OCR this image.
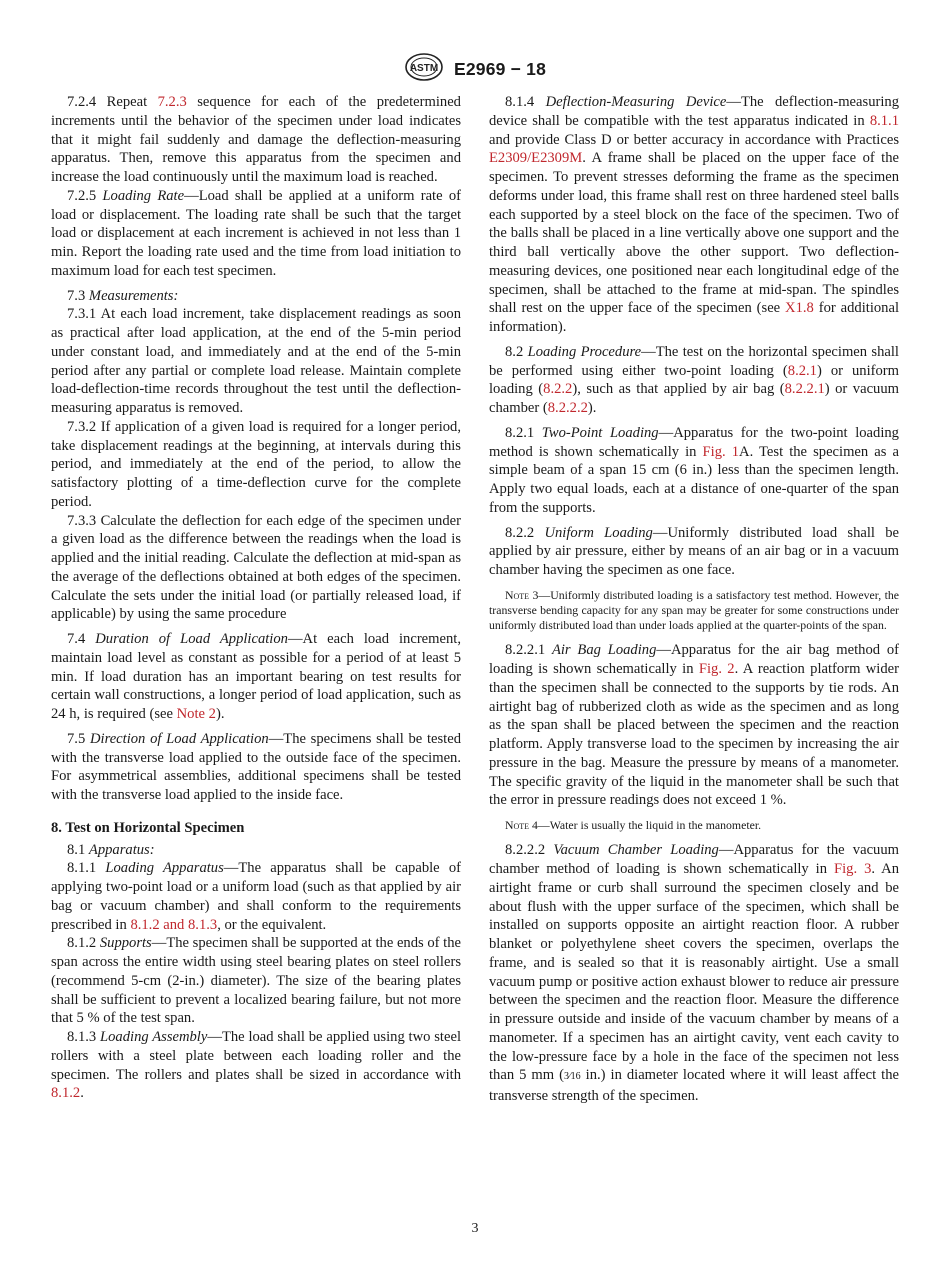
ASTM E2969 − 18

7.2.4 Repeat 7.2.3 sequence for each of the predetermined increments until the behavior of the specimen under load indicates that it might fail suddenly and damage the deflection-measuring apparatus. Then, remove this apparatus from the specimen and increase the load continuously until the maximum load is reached.

7.2.5 Loading Rate—Load shall be applied at a uniform rate of load or displacement. The loading rate shall be such that the target load or displacement at each increment is achieved in not less than 1 min. Report the loading rate used and the time from load initiation to maximum load for each test specimen.

7.3 Measurements:

7.3.1 At each load increment, take displacement readings as soon as practical after load application, at the end of the 5-min period under constant load, and immediately and at the end of the 5-min period after any partial or complete load release. Maintain complete load-deflection-time records throughout the test until the deflection-measuring apparatus is removed.

7.3.2 If application of a given load is required for a longer period, take displacement readings at the beginning, at intervals during this period, and immediately at the end of the period, to allow the satisfactory plotting of a time-deflection curve for the complete period.

7.3.3 Calculate the deflection for each edge of the specimen under a given load as the difference between the readings when the load is applied and the initial reading. Calculate the deflection at mid-span as the average of the deflections obtained at both edges of the specimen. Calculate the sets under the initial load (or partially released load, if applicable) by using the same procedure

7.4 Duration of Load Application—At each load increment, maintain load level as constant as possible for a period of at least 5 min. If load duration has an important bearing on test results for certain wall constructions, a longer period of load application, such as 24 h, is required (see Note 2).

7.5 Direction of Load Application—The specimens shall be tested with the transverse load applied to the outside face of the specimen. For asymmetrical assemblies, additional specimens shall be tested with the transverse load applied to the inside face.

8. Test on Horizontal Specimen

8.1 Apparatus:

8.1.1 Loading Apparatus—The apparatus shall be capable of applying two-point load or a uniform load (such as that applied by air bag or vacuum chamber) and shall conform to the requirements prescribed in 8.1.2 and 8.1.3, or the equivalent.

8.1.2 Supports—The specimen shall be supported at the ends of the span across the entire width using steel bearing plates on steel rollers (recommend 5-cm (2-in.) diameter). The size of the bearing plates shall be sufficient to prevent a localized bearing failure, but not more that 5 % of the test span.

8.1.3 Loading Assembly—The load shall be applied using two steel rollers with a steel plate between each loading roller and the specimen. The rollers and plates shall be sized in accordance with 8.1.2.

8.1.4 Deflection-Measuring Device—The deflection-measuring device shall be compatible with the test apparatus indicated in 8.1.1 and provide Class D or better accuracy in accordance with Practices E2309/E2309M. A frame shall be placed on the upper face of the specimen. To prevent stresses deforming the frame as the specimen deforms under load, this frame shall rest on three hardened steel balls each supported by a steel block on the face of the specimen. Two of the balls shall be placed in a line vertically above one support and the third ball vertically above the other support. Two deflection-measuring devices, one positioned near each longitudinal edge of the specimen, shall be attached to the frame at mid-span. The spindles shall rest on the upper face of the specimen (see X1.8 for additional information).

8.2 Loading Procedure—The test on the horizontal specimen shall be performed using either two-point loading (8.2.1) or uniform loading (8.2.2), such as that applied by air bag (8.2.2.1) or vacuum chamber (8.2.2.2).

8.2.1 Two-Point Loading—Apparatus for the two-point loading method is shown schematically in Fig. 1A. Test the specimen as a simple beam of a span 15 cm (6 in.) less than the specimen length. Apply two equal loads, each at a distance of one-quarter of the span from the supports.

8.2.2 Uniform Loading—Uniformly distributed load shall be applied by air pressure, either by means of an air bag or in a vacuum chamber having the specimen as one face.

Note 3—Uniformly distributed loading is a satisfactory test method. However, the transverse bending capacity for any span may be greater for some constructions under uniformly distributed load than under loads applied at the quarter-points of the span.

8.2.2.1 Air Bag Loading—Apparatus for the air bag method of loading is shown schematically in Fig. 2. A reaction platform wider than the specimen shall be connected to the supports by tie rods. An airtight bag of rubberized cloth as wide as the specimen and as long as the span shall be placed between the specimen and the reaction platform. Apply transverse load to the specimen by increasing the air pressure in the bag. Measure the pressure by means of a manometer. The specific gravity of the liquid in the manometer shall be such that the error in pressure readings does not exceed 1 %.

Note 4—Water is usually the liquid in the manometer.

8.2.2.2 Vacuum Chamber Loading—Apparatus for the vacuum chamber method of loading is shown schematically in Fig. 3. An airtight frame or curb shall surround the specimen closely and be about flush with the upper surface of the specimen, which shall be installed on supports opposite an airtight reaction floor. A rubber blanket or polyethylene sheet covers the specimen, overlaps the frame, and is sealed so that it is reasonably airtight. Use a small vacuum pump or positive action exhaust blower to reduce air pressure between the specimen and the reaction floor. Measure the difference in pressure outside and inside of the vacuum chamber by means of a manometer. If a specimen has an airtight cavity, vent each cavity to the low-pressure face by a hole in the face of the specimen not less than 5 mm (3⁄16 in.) in diameter located where it will least affect the transverse strength of the specimen.

3
